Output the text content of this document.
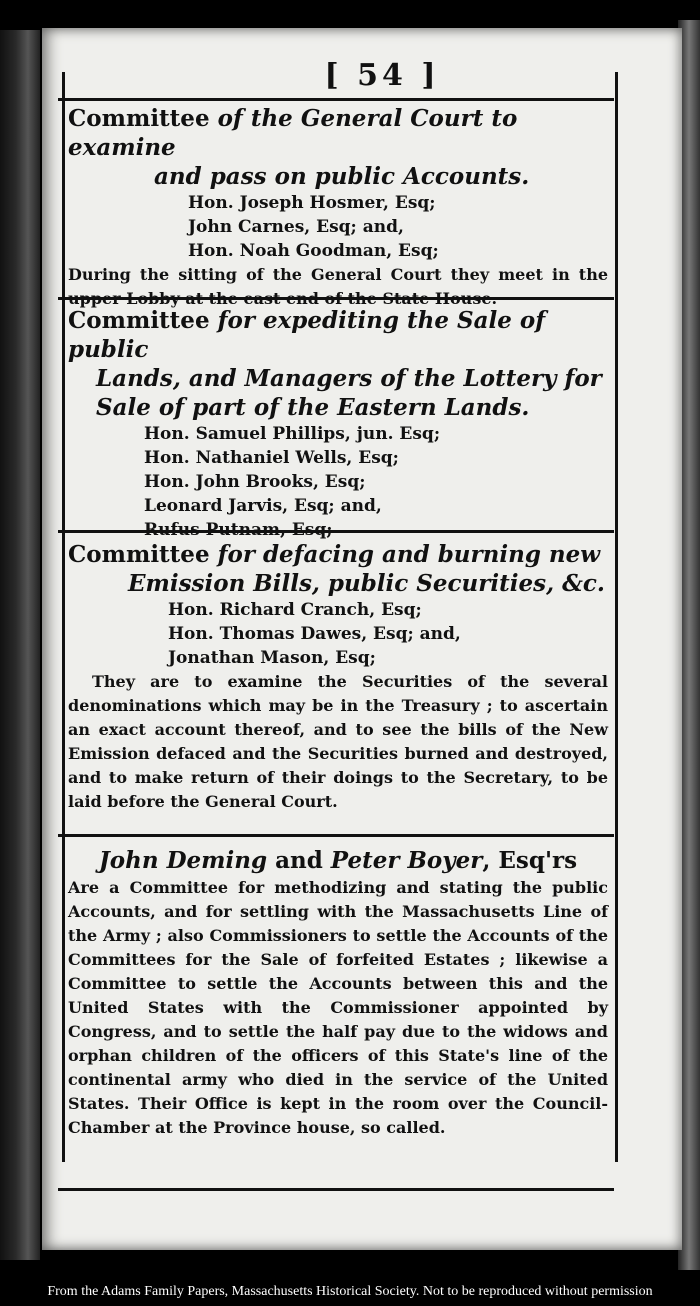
[ 54 ]
Committee of the General Court to examine
and pass on public Accounts.
Hon. Joseph Hosmer, Esq;
John Carnes, Esq; and,
Hon. Noah Goodman, Esq;
During the sitting of the General Court they meet in the upper Lobby at the east end of the State House.
Committee for expediting the Sale of public
Lands, and Managers of the Lottery for
Sale of part of the Eastern Lands.
Hon. Samuel Phillips, jun. Esq;
Hon. Nathaniel Wells, Esq;
Hon. John Brooks, Esq;
Leonard Jarvis, Esq; and,
Rufus Putnam, Esq;
Committee for defacing and burning new
Emission Bills, public Securities, &c.
Hon. Richard Cranch, Esq;
Hon. Thomas Dawes, Esq; and,
Jonathan Mason, Esq;
They are to examine the Securities of the several denominations which may be in the Treasury ; to ascertain an exact account thereof, and to see the bills of the New Emission defaced and the Securities burned and destroyed, and to make return of their doings to the Secretary, to be laid before the General Court.
John Deming and Peter Boyer, Esq'rs
Are a Committee for methodizing and stating the public Accounts, and for settling with the Massachusetts Line of the Army ; also Commissioners to settle the Accounts of the Committees for the Sale of forfeited Estates ; likewise a Committee to settle the Accounts between this and the United States with the Commissioner appointed by Congress, and to settle the half pay due to the widows and orphan children of the officers of this State's line of the continental army who died in the service of the United States. Their Office is kept in the room over the Council-Chamber at the Province house, so called.
From the Adams Family Papers, Massachusetts Historical Society. Not to be reproduced without permission
